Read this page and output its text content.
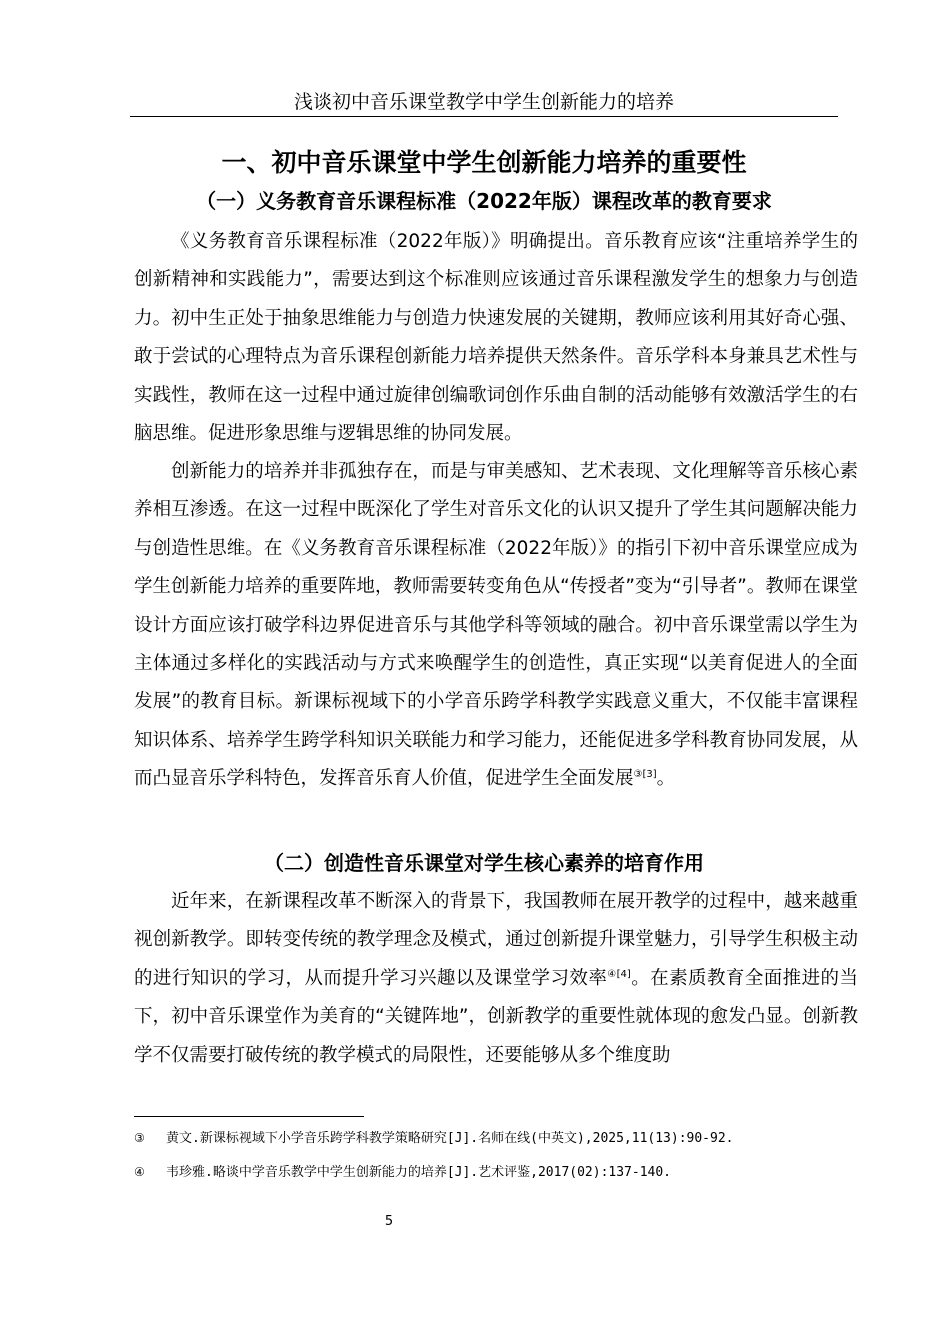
浅谈初中音乐课堂教学中学生创新能力的培养
一、初中音乐课堂中学生创新能力培养的重要性
（一）义务教育音乐课程标准（2022年版）课程改革的教育要求

《义务教育音乐课程标准（2022年版）》明确提出。音乐教育应该“注重培养学生的创新精神和实践能力”，需要达到这个标准则应该通过音乐课程激发学生的想象力与创造力。初中生正处于抽象思维能力与创造力快速发展的关键期，教师应该利用其好奇心强、敢于尝试的心理特点为音乐课程创新能力培养提供天然条件。音乐学科本身兼具艺术性与实践性，教师在这一过程中通过旋律创编歌词创作乐曲自制的活动能够有效激活学生的右脑思维。促进形象思维与逻辑思维的协同发展。

创新能力的培养并非孤独存在，而是与审美感知、艺术表现、文化理解等音乐核心素养相互渗透。在这一过程中既深化了学生对音乐文化的认识又提升了学生其问题解决能力与创造性思维。在《义务教育音乐课程标准（2022年版）》的指引下初中音乐课堂应成为学生创新能力培养的重要阵地，教师需要转变角色从“传授者”变为“引导者”。教师在课堂设计方面应该打破学科边界促进音乐与其他学科等领域的融合。初中音乐课堂需以学生为主体通过多样化的实践活动与方式来唤醒学生的创造性，真正实现“以美育促进人的全面发展”的教育目标。新课标视域下的小学音乐跨学科教学实践意义重大，不仅能丰富课程知识体系、培养学生跨学科知识关联能力和学习能力，还能促进多学科教育协同发展，从而凸显音乐学科特色，发挥音乐育人价值，促进学生全面发展$^{③[3]}$。

（二）创造性音乐课堂对学生核心素养的培育作用

近年来，在新课程改革不断深入的背景下，我国教师在展开教学的过程中，越来越重视创新教学。即转变传统的教学理念及模式，通过创新提升课堂魅力，引导学生积极主动的进行知识的学习，从而提升学习兴趣以及课堂学习效率$^{④[4]}$。在素质教育全面推进的当下，初中音乐课堂作为美育的“关键阵地”，创新教学的重要性就体现的愈发凸显。创新教学不仅需要打破传统的教学模式的局限性，还要能够从多个维度助

③ 黄文.新课标视域下小学音乐跨学科教学策略研究[J].名师在线(中英文),2025,11(13):90-92.
④ 韦珍雅.略谈中学音乐教学中学生创新能力的培养[J].艺术评鉴,2017(02):137-140.
5
